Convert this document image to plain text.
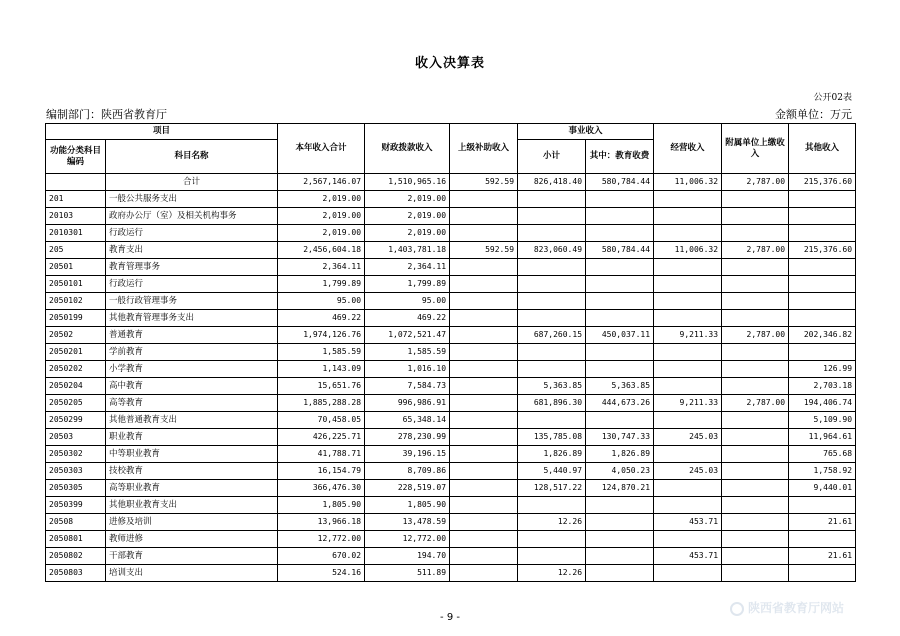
收入决算表
公开02表
编制部门：陕西省教育厅	金额单位：万元
项目		本年收入合计	财政拨款收入	上级补助收入	事业收入		经营收入	附属单位上缴收入	其他收入
功能分类科目编码	科目名称				小计	其中：教育收费			
	合计	2,567,146.07	1,510,965.16	592.59	826,418.40	580,784.44	11,006.32	2,787.00	215,376.60
201	一般公共服务支出	2,019.00	2,019.00						
20103	政府办公厅（室）及相关机构事务	2,019.00	2,019.00						
2010301	行政运行	2,019.00	2,019.00						
205	教育支出	2,456,604.18	1,403,781.18	592.59	823,060.49	580,784.44	11,006.32	2,787.00	215,376.60
20501	教育管理事务	2,364.11	2,364.11						
2050101	行政运行	1,799.89	1,799.89						
2050102	一般行政管理事务	95.00	95.00						
2050199	其他教育管理事务支出	469.22	469.22						
20502	普通教育	1,974,126.76	1,072,521.47		687,260.15	450,037.11	9,211.33	2,787.00	202,346.82
2050201	学前教育	1,585.59	1,585.59						
2050202	小学教育	1,143.09	1,016.10						126.99
2050204	高中教育	15,651.76	7,584.73		5,363.85	5,363.85			2,703.18
2050205	高等教育	1,885,288.28	996,986.91		681,896.30	444,673.26	9,211.33	2,787.00	194,406.74
2050299	其他普通教育支出	70,458.05	65,348.14						5,109.90
20503	职业教育	426,225.71	278,230.99		135,785.08	130,747.33	245.03		11,964.61
2050302	中等职业教育	41,788.71	39,196.15		1,826.89	1,826.89			765.68
2050303	技校教育	16,154.79	8,709.86		5,440.97	4,050.23	245.03		1,758.92
2050305	高等职业教育	366,476.30	228,519.07		128,517.22	124,870.21			9,440.01
2050399	其他职业教育支出	1,805.90	1,805.90						
20508	进修及培训	13,966.18	13,478.59		12.26		453.71		21.61
2050801	教师进修	12,772.00	12,772.00						
2050802	干部教育	670.02	194.70				453.71		21.61
2050803	培训支出	524.16	511.89		12.26				
- 9 -
陕西省教育厅网站
